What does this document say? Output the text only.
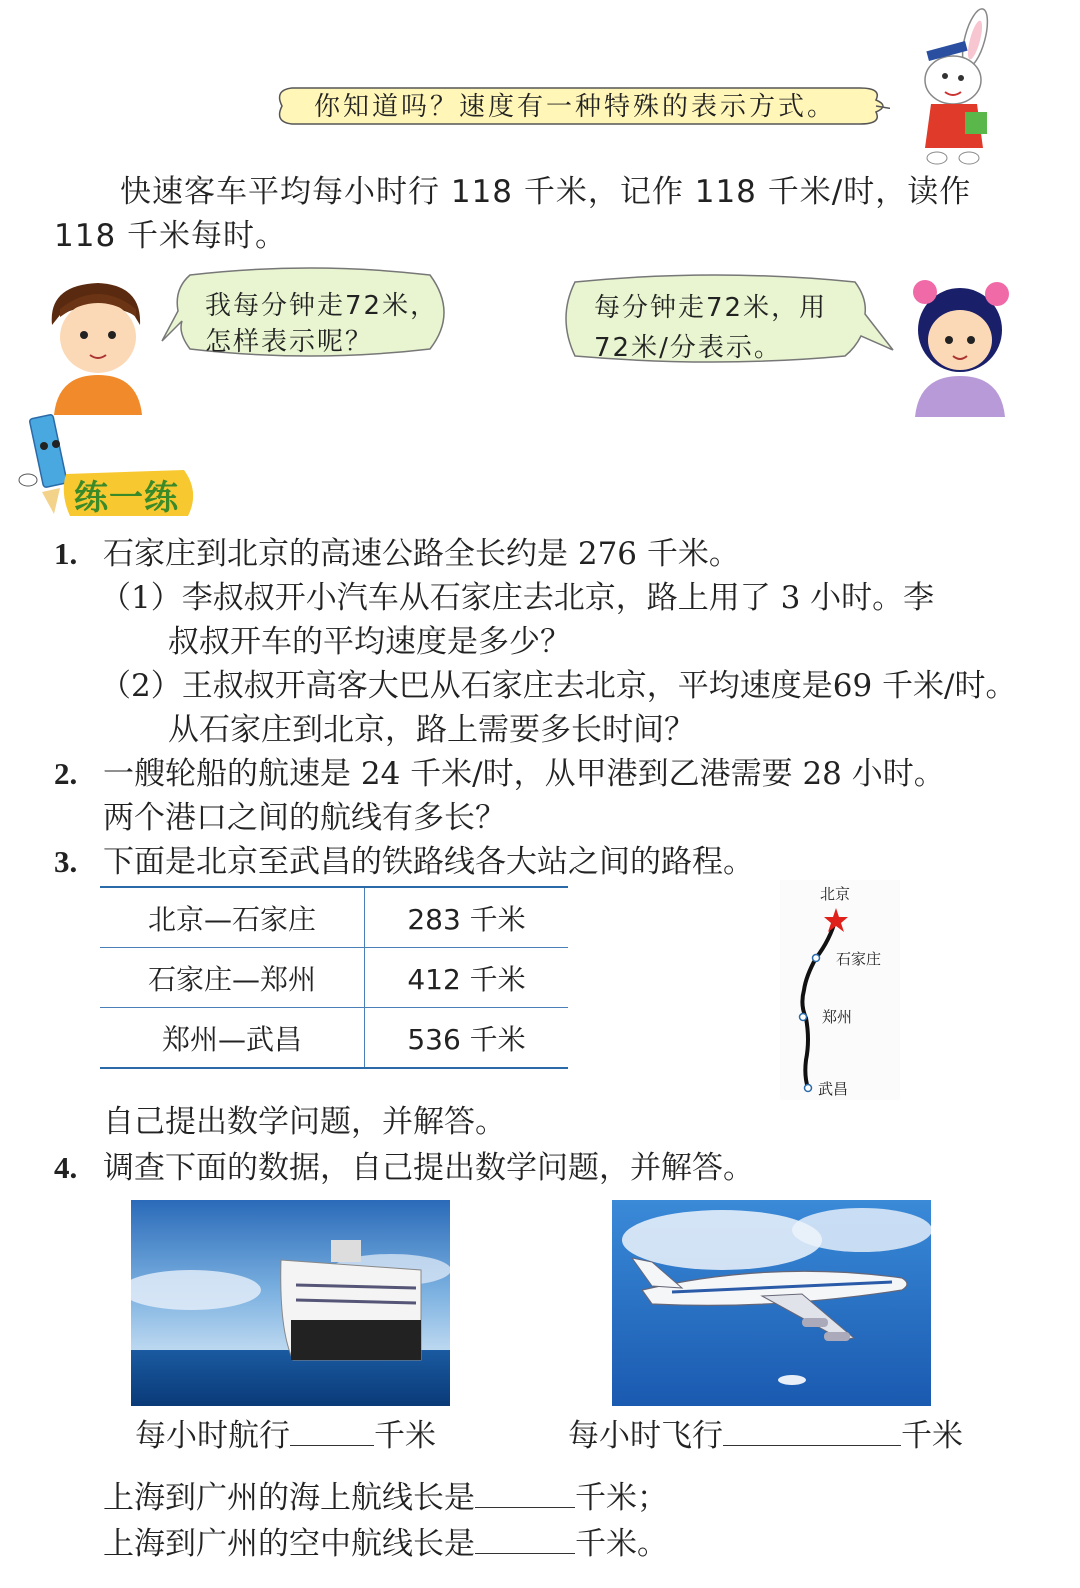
你知道吗？速度有一种特殊的表示方式。
快速客车平均每小时行 118 千米，记作 118 千米/时，读作
118 千米每时。
我每分钟走72米，
怎样表示呢？
每分钟走72米，用
72米/分表示。
练一练
1. 石家庄到北京的高速公路全长约是 276 千米。
（1）李叔叔开小汽车从石家庄去北京，路上用了 3 小时。李
叔叔开车的平均速度是多少？
（2）王叔叔开高客大巴从石家庄去北京，平均速度是69 千米/时。
从石家庄到北京，路上需要多长时间？
2. 一艘轮船的航速是 24 千米/时，从甲港到乙港需要 28 小时。
两个港口之间的航线有多长？
3. 下面是北京至武昌的铁路线各大站之间的路程。
北京—石家庄	283 千米
石家庄—郑州	412 千米
郑州—武昌	536 千米
北京
石家庄
郑州
武昌
自己提出数学问题，并解答。
4. 调查下面的数据，自己提出数学问题，并解答。
每小时航行	千米	每小时飞行	千米
上海到广州的海上航线长是	千米；
上海到广州的空中航线长是	千米。
